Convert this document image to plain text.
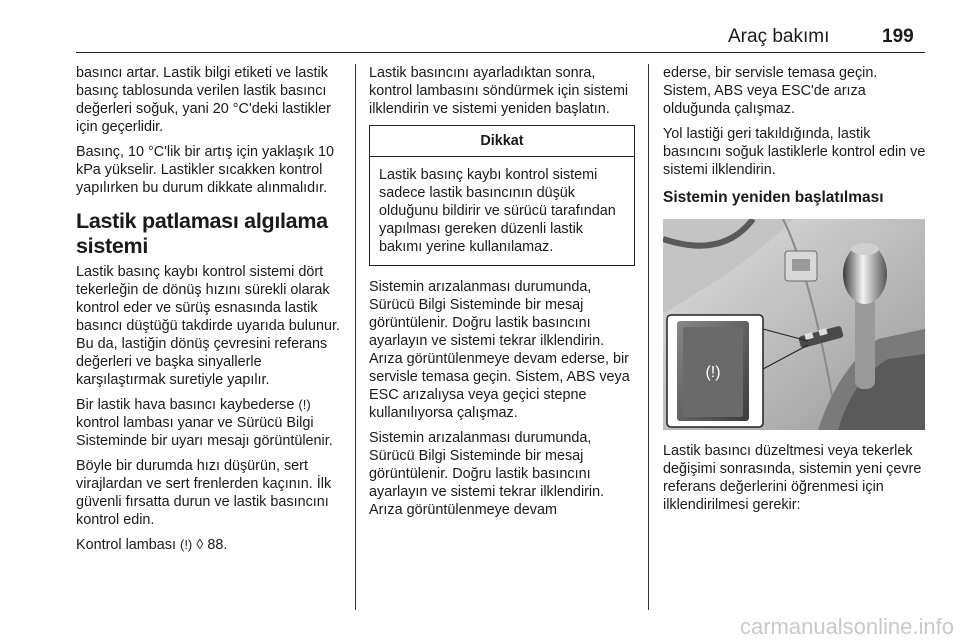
Araç bakımı	199

basıncı artar. Lastik bilgi etiketi ve lastik basınç tablosunda verilen lastik basıncı değerleri soğuk, yani 20 °C'deki lastikler için geçerlidir.

Basınç, 10 °C'lik bir artış için yaklaşık 10 kPa yükselir. Lastikler sıcakken kontrol yapılırken bu durum dikkate alınmalıdır.

Lastik patlaması algılama sistemi

Lastik basınç kaybı kontrol sistemi dört tekerleğin de dönüş hızını sürekli olarak kontrol eder ve sürüş esnasında lastik basıncı düştüğü takdirde uyarıda bulunur. Bu da, lastiğin dönüş çevresini referans değerleri ve başka sinyallerle karşılaştırmak suretiyle yapılır.

Bir lastik hava basıncı kaybederse (!) kontrol lambası yanar ve Sürücü Bilgi Sisteminde bir uyarı mesajı görüntülenir.

Böyle bir durumda hızı düşürün, sert virajlardan ve sert frenlerden kaçının. İlk güvenli fırsatta durun ve lastik basıncını kontrol edin.

Kontrol lambası (!) ◊ 88.

Lastik basıncını ayarladıktan sonra, kontrol lambasını söndürmek için sistemi ilklendirin ve sistemi yeniden başlatın.

Dikkat
Lastik basınç kaybı kontrol sistemi sadece lastik basıncının düşük olduğunu bildirir ve sürücü tarafından yapılması gereken düzenli lastik bakımı yerine kullanılamaz.

Sistemin arızalanması durumunda, Sürücü Bilgi Sisteminde bir mesaj görüntülenir. Doğru lastik basıncını ayarlayın ve sistemi tekrar ilklendirin. Arıza görüntülenmeye devam ederse, bir servisle temasa geçin. Sistem, ABS veya ESC arızalıysa veya geçici stepne kullanılıyorsa çalışmaz.

Sistemin arızalanması durumunda, Sürücü Bilgi Sisteminde bir mesaj görüntülenir. Doğru lastik basıncını ayarlayın ve sistemi tekrar ilklendirin. Arıza görüntülenmeye devam

ederse, bir servisle temasa geçin. Sistem, ABS veya ESC'de arıza olduğunda çalışmaz.

Yol lastiği geri takıldığında, lastik basıncını soğuk lastiklerle kontrol edin ve sistemi ilklendirin.

Sistemin yeniden başlatılması
(!)

Lastik basıncı düzeltmesi veya tekerlek değişimi sonrasında, sistemin yeni çevre referans değerlerini öğrenmesi için ilklendirilmesi gerekir:

carmanualsonline.info
